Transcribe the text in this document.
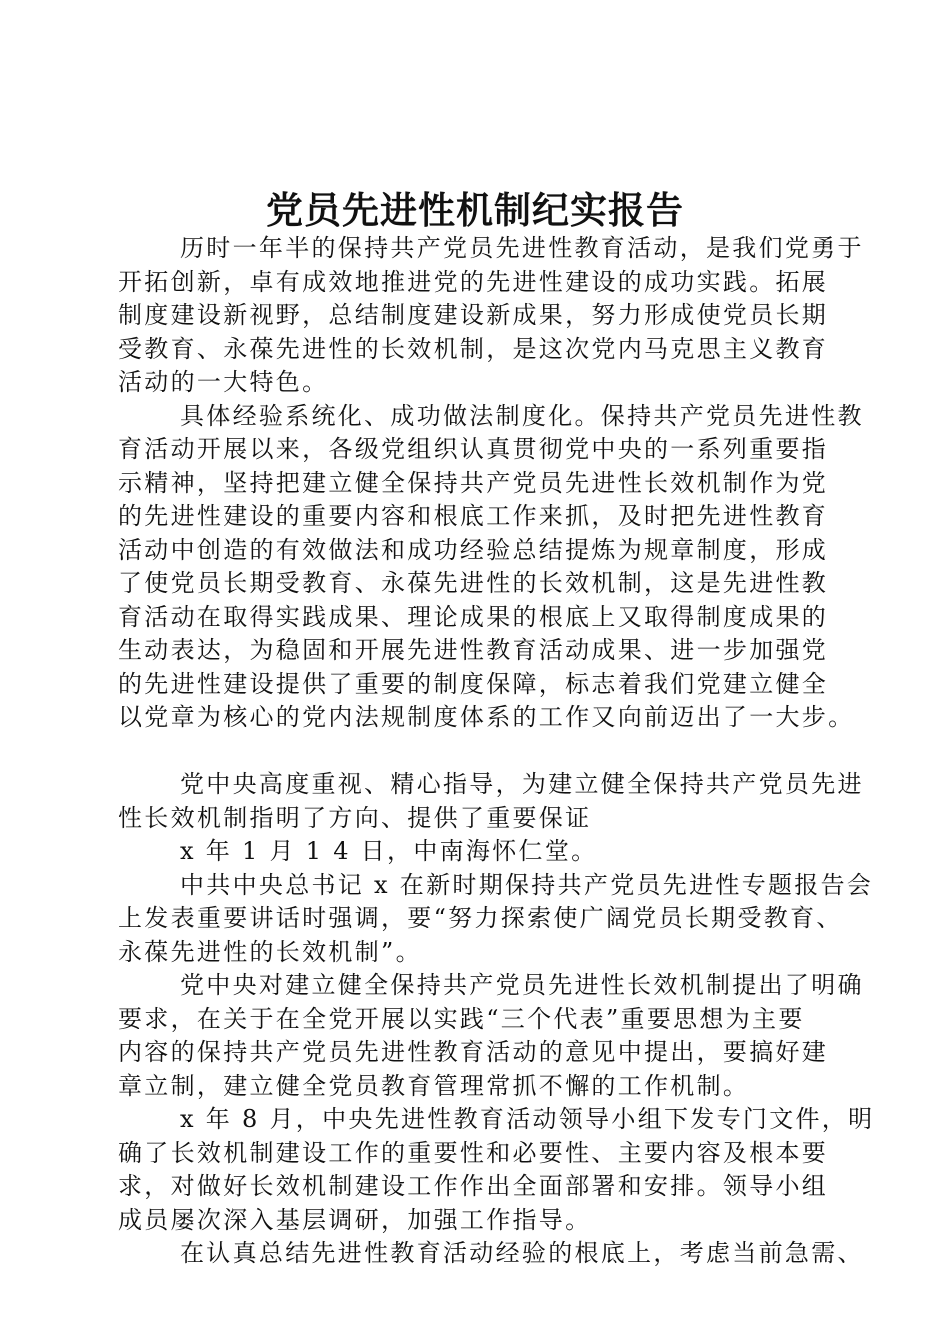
党员先进性机制纪实报告
历时一年半的保持共产党员先进性教育活动，是我们党勇于
开拓创新，卓有成效地推进党的先进性建设的成功实践。拓展
制度建设新视野，总结制度建设新成果，努力形成使党员长期
受教育、永葆先进性的长效机制，是这次党内马克思主义教育
活动的一大特色。
具体经验系统化、成功做法制度化。保持共产党员先进性教
育活动开展以来，各级党组织认真贯彻党中央的一系列重要指
示精神，坚持把建立健全保持共产党员先进性长效机制作为党
的先进性建设的重要内容和根底工作来抓，及时把先进性教育
活动中创造的有效做法和成功经验总结提炼为规章制度，形成
了使党员长期受教育、永葆先进性的长效机制，这是先进性教
育活动在取得实践成果、理论成果的根底上又取得制度成果的
生动表达，为稳固和开展先进性教育活动成果、进一步加强党
的先进性建设提供了重要的制度保障，标志着我们党建立健全
以党章为核心的党内法规制度体系的工作又向前迈出了一大步。
党中央高度重视、精心指导，为建立健全保持共产党员先进
性长效机制指明了方向、提供了重要保证
x 年 1 月 1 4 日，中南海怀仁堂。
中共中央总书记 x 在新时期保持共产党员先进性专题报告会
上发表重要讲话时强调，要“努力探索使广阔党员长期受教育、
永葆先进性的长效机制”。
党中央对建立健全保持共产党员先进性长效机制提出了明确
要求，在关于在全党开展以实践“三个代表”重要思想为主要
内容的保持共产党员先进性教育活动的意见中提出，要搞好建
章立制，建立健全党员教育管理常抓不懈的工作机制。
x 年 8 月，中央先进性教育活动领导小组下发专门文件，明
确了长效机制建设工作的重要性和必要性、主要内容及根本要
求，对做好长效机制建设工作作出全面部署和安排。领导小组
成员屡次深入基层调研，加强工作指导。
在认真总结先进性教育活动经验的根底上，考虑当前急需、
